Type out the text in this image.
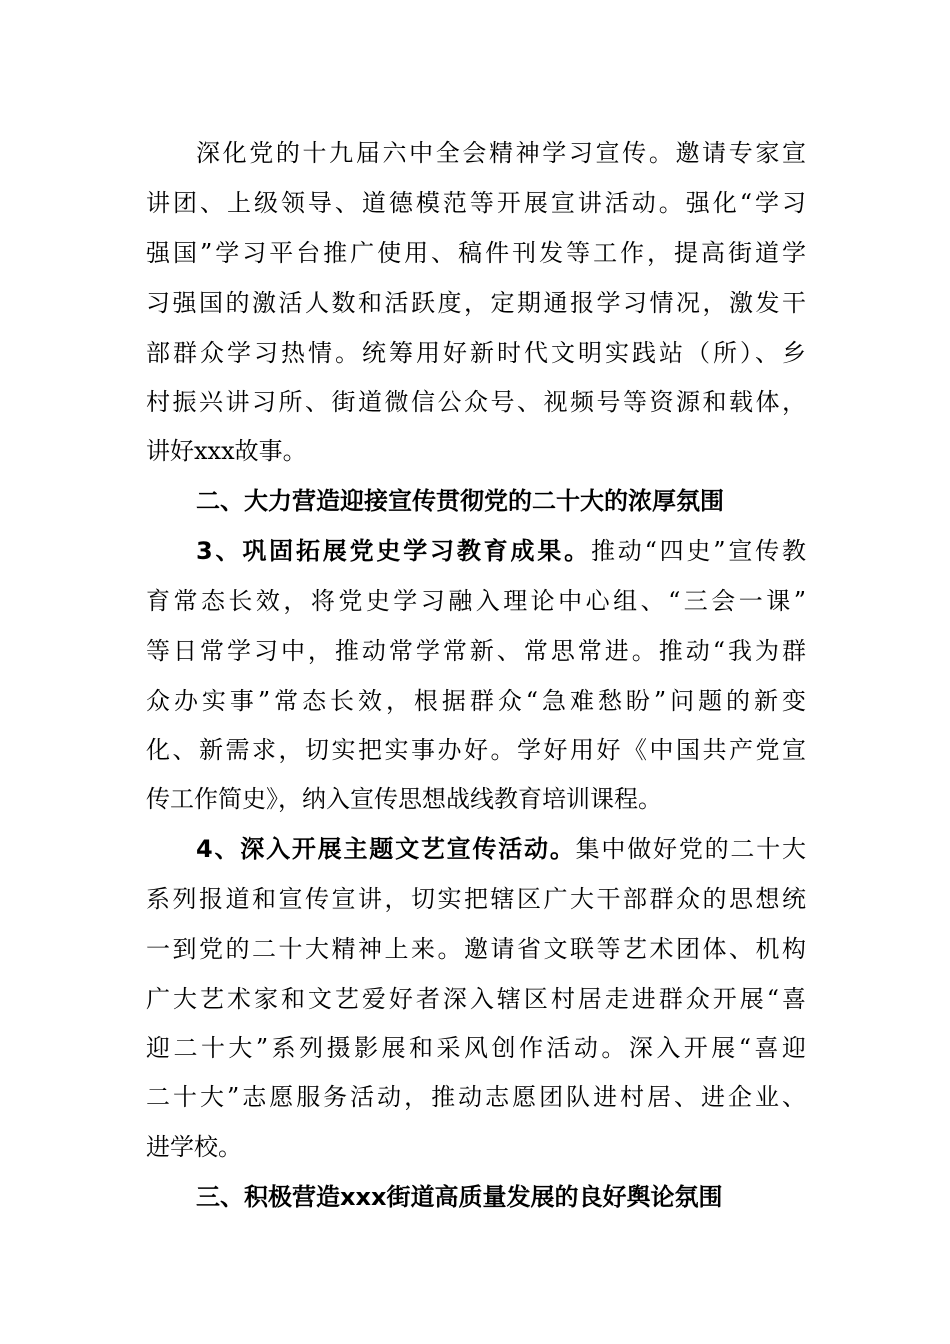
深化党的十九届六中全会精神学习宣传。邀请专家宣
讲团、上级领导、道德模范等开展宣讲活动。强化“学习
强国”学习平台推广使用、稿件刊发等工作，提高街道学
习强国的激活人数和活跃度，定期通报学习情况，激发干
部群众学习热情。统筹用好新时代文明实践站（所）、乡
村振兴讲习所、街道微信公众号、视频号等资源和载体，
讲好xxx故事。
二、大力营造迎接宣传贯彻党的二十大的浓厚氛围
3、巩固拓展党史学习教育成果。推动“四史”宣传教
育常态长效，将党史学习融入理论中心组、“三会一课”
等日常学习中，推动常学常新、常思常进。推动“我为群
众办实事”常态长效，根据群众“急难愁盼”问题的新变
化、新需求，切实把实事办好。学好用好《中国共产党宣
传工作简史》，纳入宣传思想战线教育培训课程。
4、深入开展主题文艺宣传活动。集中做好党的二十大
系列报道和宣传宣讲，切实把辖区广大干部群众的思想统
一到党的二十大精神上来。邀请省文联等艺术团体、机构
广大艺术家和文艺爱好者深入辖区村居走进群众开展“喜
迎二十大”系列摄影展和采风创作活动。深入开展“喜迎
二十大”志愿服务活动，推动志愿团队进村居、进企业、
进学校。
三、积极营造xxx街道高质量发展的良好舆论氛围
